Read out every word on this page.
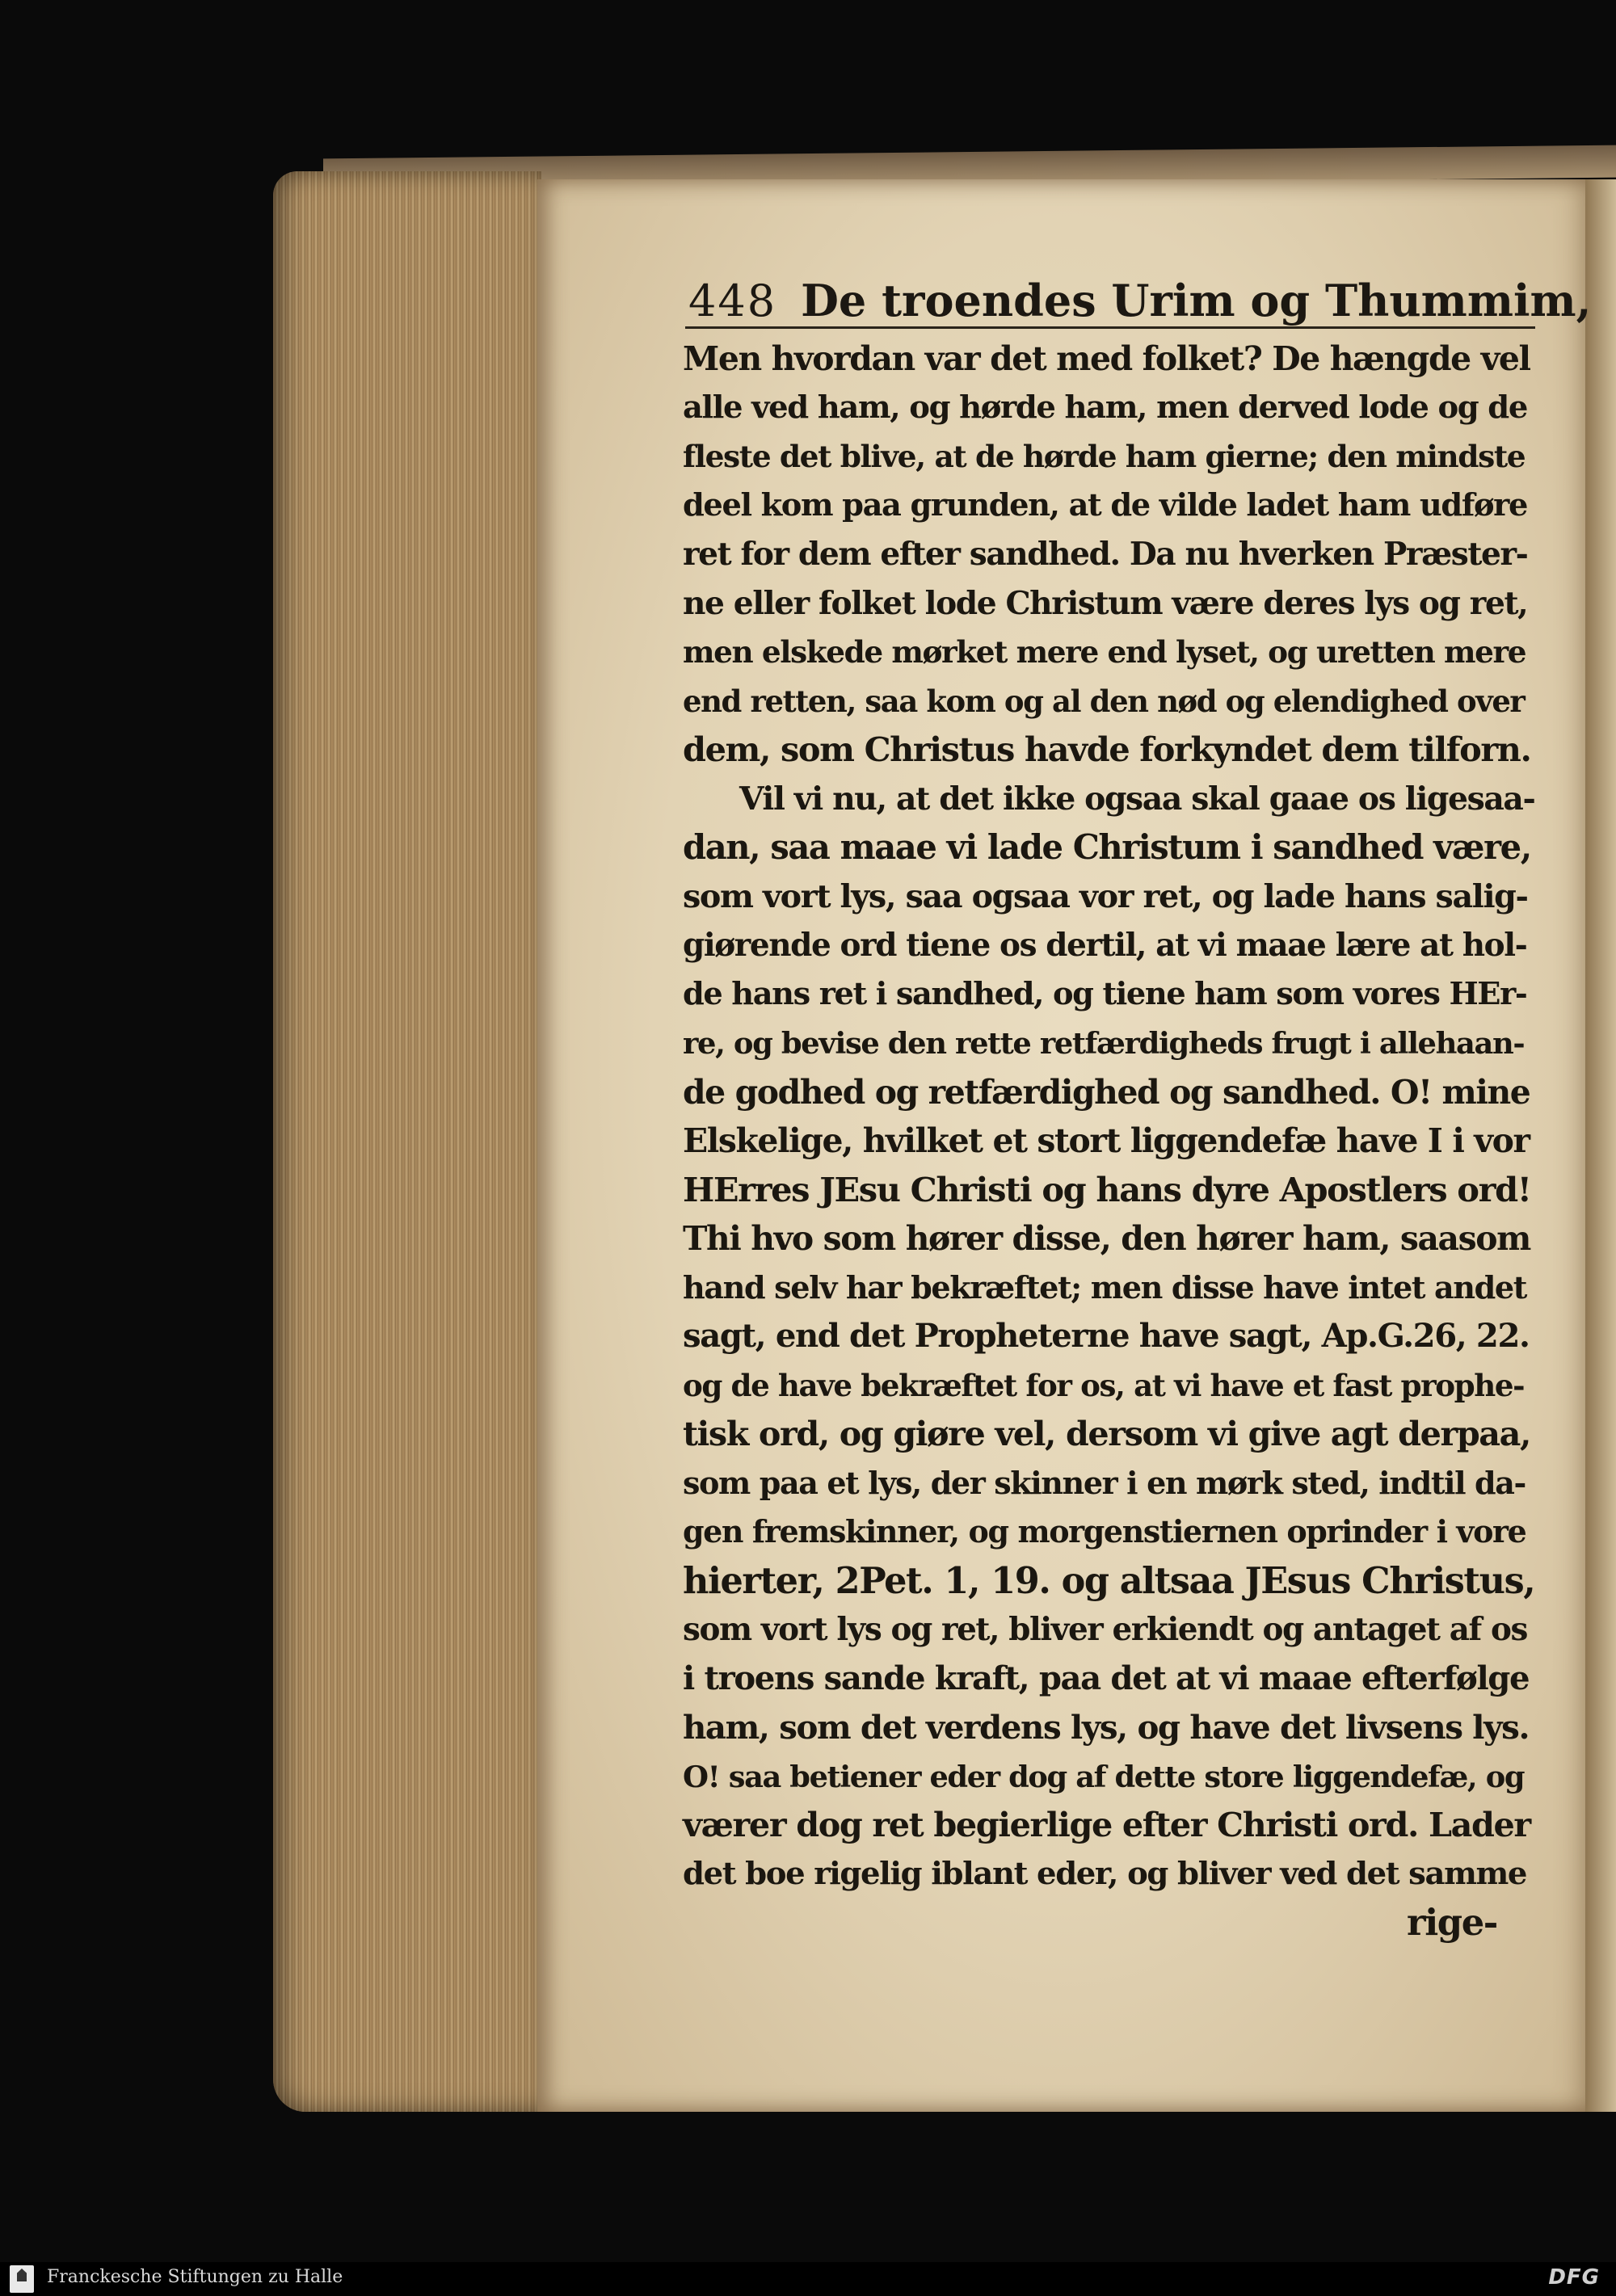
448 De troendes Urim og Thummim,
Men hvordan var det med folket? De hængde vel
alle ved ham, og hørde ham, men derved lode og de
fleste det blive, at de hørde ham gierne; den mindste
deel kom paa grunden, at de vilde ladet ham udføre
ret for dem efter sandhed. Da nu hverken Præster-
ne eller folket lode Christum være deres lys og ret,
men elskede mørket mere end lyset, og uretten mere
end retten, saa kom og al den nød og elendighed over
dem, som Christus havde forkyndet dem tilforn.
Vil vi nu, at det ikke ogsaa skal gaae os ligesaa-
dan, saa maae vi lade Christum i sandhed være,
som vort lys, saa ogsaa vor ret, og lade hans salig-
giørende ord tiene os dertil, at vi maae lære at hol-
de hans ret i sandhed, og tiene ham som vores HEr-
re, og bevise den rette retfærdigheds frugt i allehaan-
de godhed og retfærdighed og sandhed. O! mine
Elskelige, hvilket et stort liggendefæ have I i vor
HErres JEsu Christi og hans dyre Apostlers ord!
Thi hvo som hører disse, den hører ham, saasom
hand selv har bekræftet; men disse have intet andet
sagt, end det Propheterne have sagt, Ap.G.26, 22.
og de have bekræftet for os, at vi have et fast prophe-
tisk ord, og giøre vel, dersom vi give agt derpaa,
som paa et lys, der skinner i en mørk sted, indtil da-
gen fremskinner, og morgenstiernen oprinder i vore
hierter, 2Pet. 1, 19. og altsaa JEsus Christus,
som vort lys og ret, bliver erkiendt og antaget af os
i troens sande kraft, paa det at vi maae efterfølge
ham, som det verdens lys, og have det livsens lys.
O! saa betiener eder dog af dette store liggendefæ, og
værer dog ret begierlige efter Christi ord. Lader
det boe rigelig iblant eder, og bliver ved det samme
rige-
Franckesche Stiftungen zu Halle	DFG
